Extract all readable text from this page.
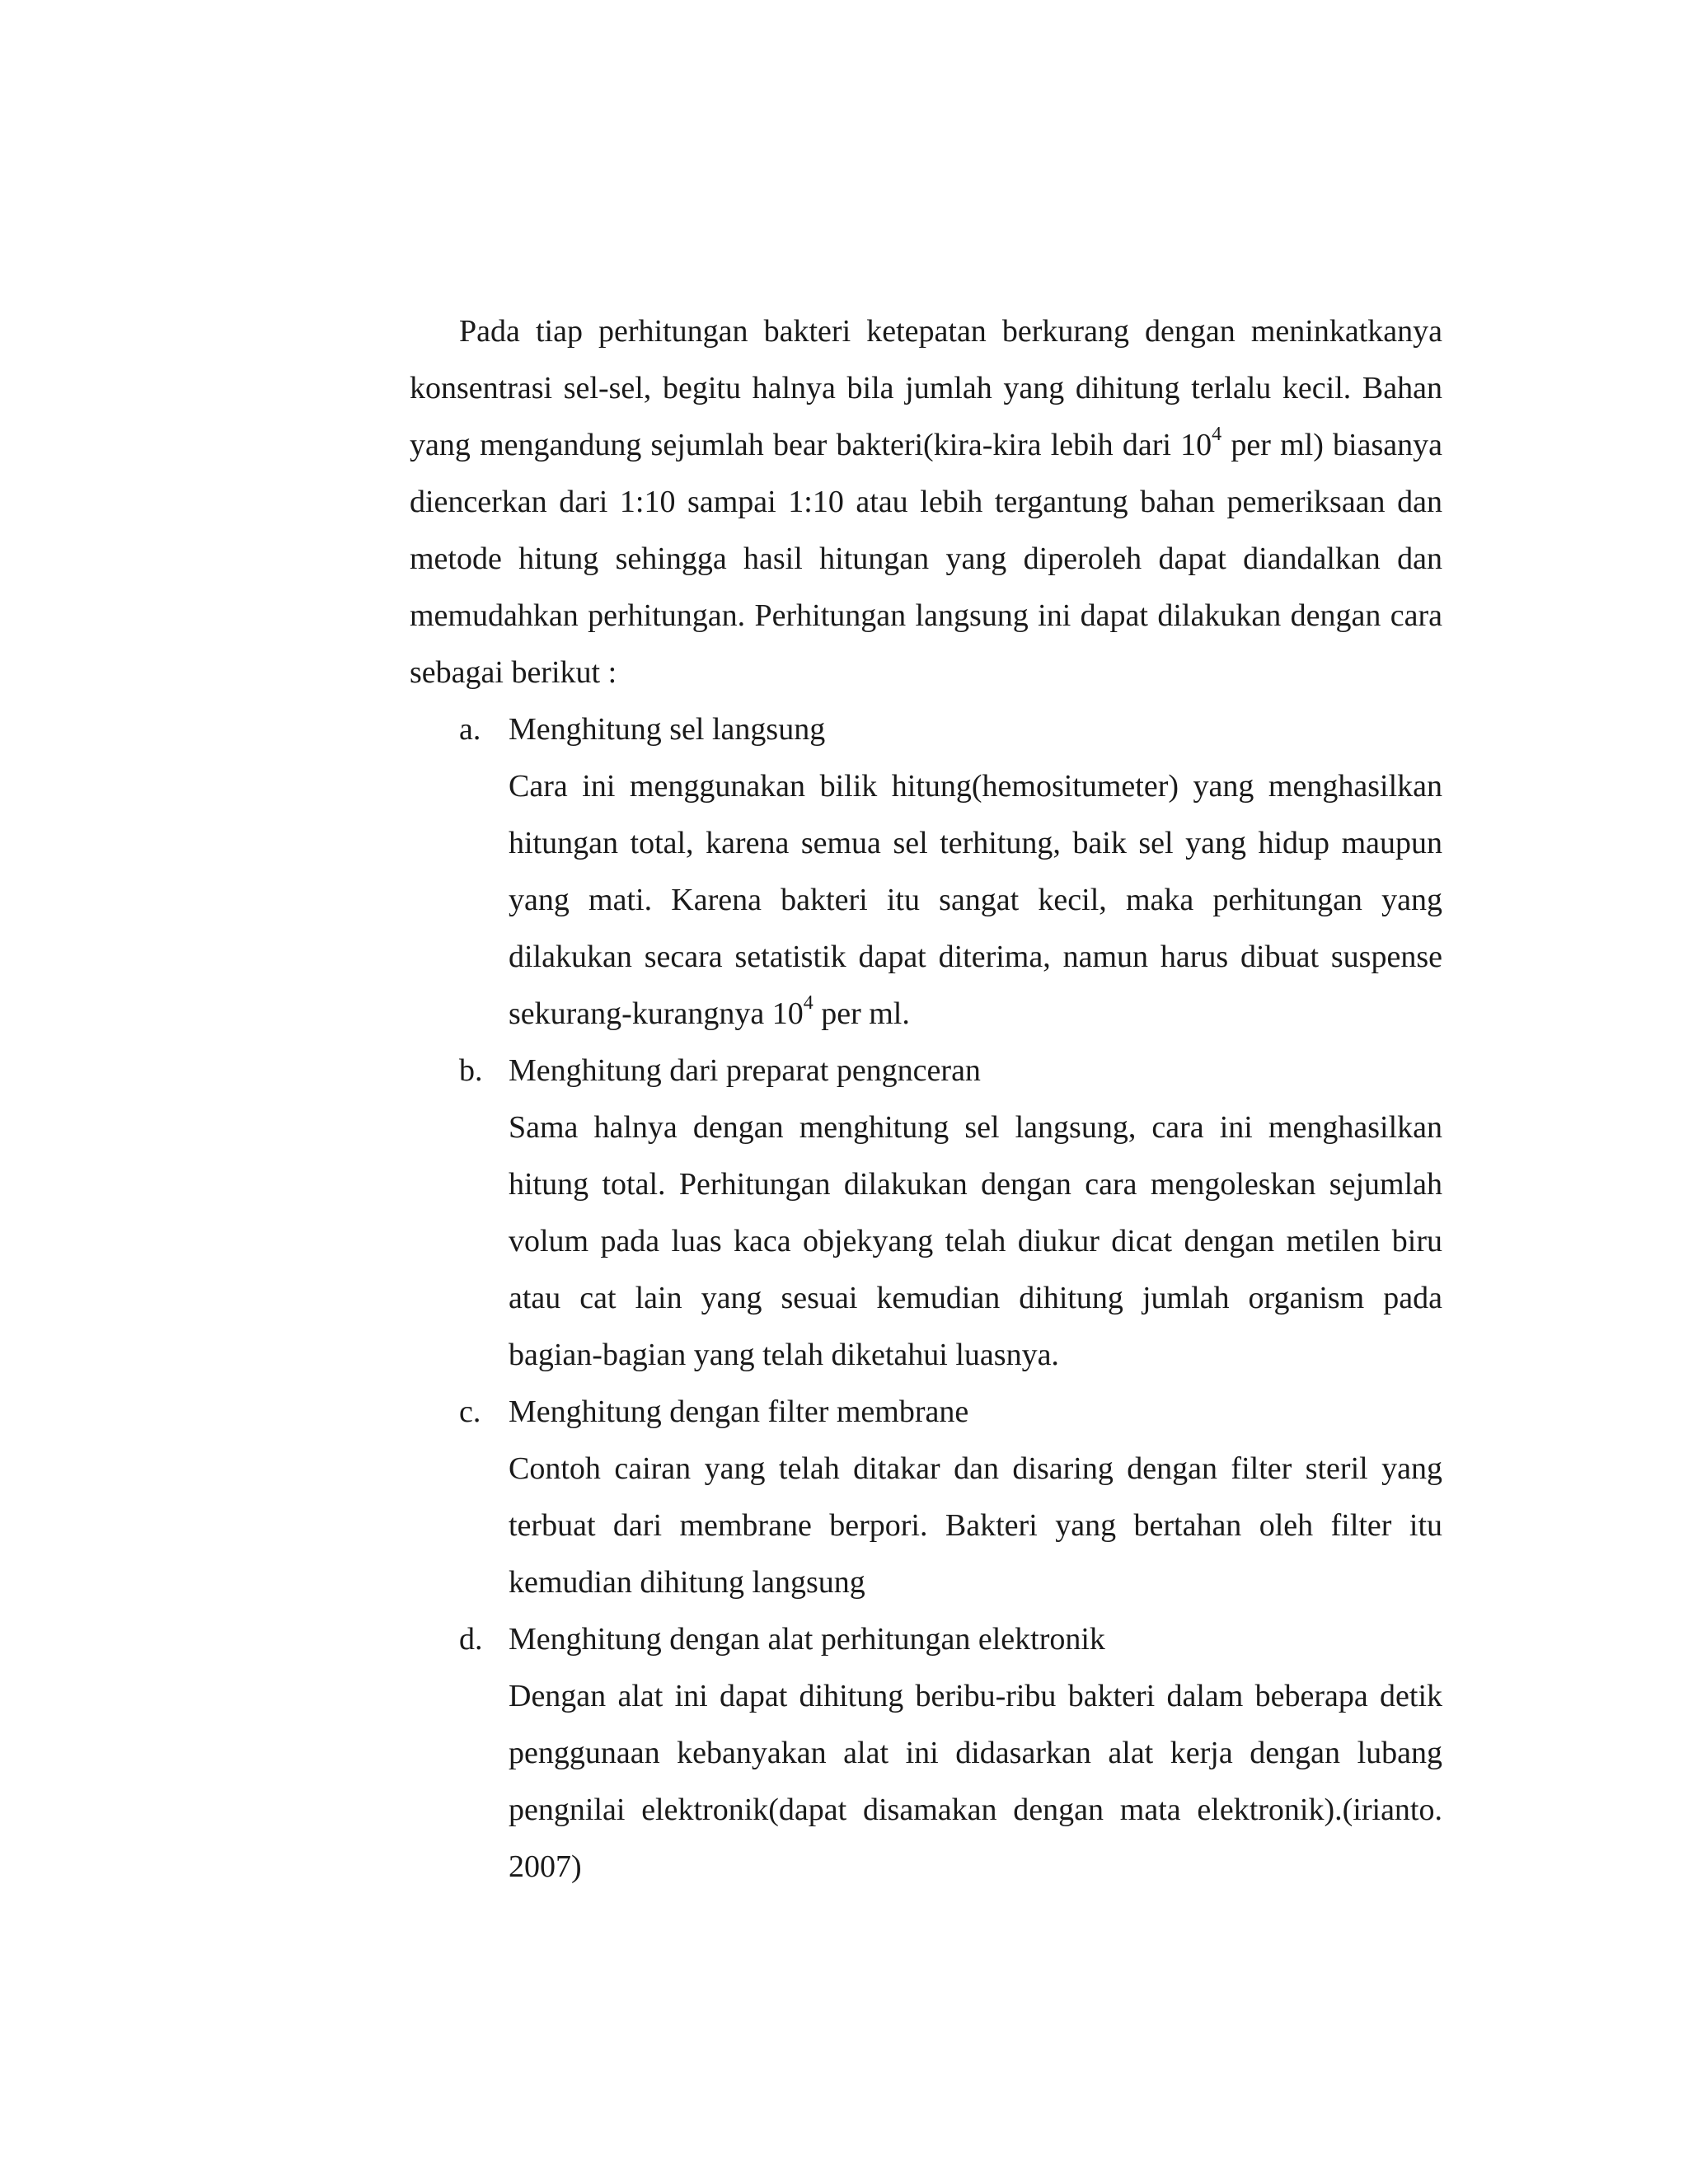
Pada tiap perhitungan bakteri ketepatan berkurang dengan meninkatkanya konsentrasi sel-sel, begitu halnya bila jumlah yang dihitung terlalu kecil. Bahan yang mengandung sejumlah bear bakteri(kira-kira lebih dari $10^4$ per ml) biasanya diencerkan dari 1:10 sampai 1:10 atau lebih tergantung bahan pemeriksaan dan metode hitung sehingga hasil hitungan yang diperoleh dapat diandalkan dan memudahkan perhitungan. Perhitungan langsung ini dapat dilakukan dengan cara sebagai berikut :

a. Menghitung sel langsung

Cara ini menggunakan bilik hitung(hemositumeter) yang menghasilkan hitungan total, karena semua sel terhitung, baik sel yang hidup maupun yang mati. Karena bakteri itu sangat kecil, maka perhitungan yang dilakukan secara setatistik dapat diterima, namun harus dibuat suspense sekurang-kurangnya $10^4$ per ml.

b. Menghitung dari preparat pengnceran

Sama halnya dengan menghitung sel langsung, cara ini menghasilkan hitung total. Perhitungan dilakukan dengan cara mengoleskan sejumlah volum pada luas kaca objekyang telah diukur dicat dengan metilen biru atau cat lain yang sesuai kemudian dihitung jumlah organism pada bagian-bagian yang telah diketahui luasnya.

c. Menghitung dengan filter membrane

Contoh cairan yang telah ditakar dan disaring dengan filter steril yang terbuat dari membrane berpori. Bakteri yang bertahan oleh filter itu kemudian dihitung langsung

d. Menghitung dengan alat perhitungan elektronik

Dengan alat ini dapat dihitung beribu-ribu bakteri dalam beberapa detik penggunaan kebanyakan alat ini didasarkan alat kerja dengan lubang pengnilai elektronik(dapat disamakan dengan mata elektronik).(irianto. 2007)
